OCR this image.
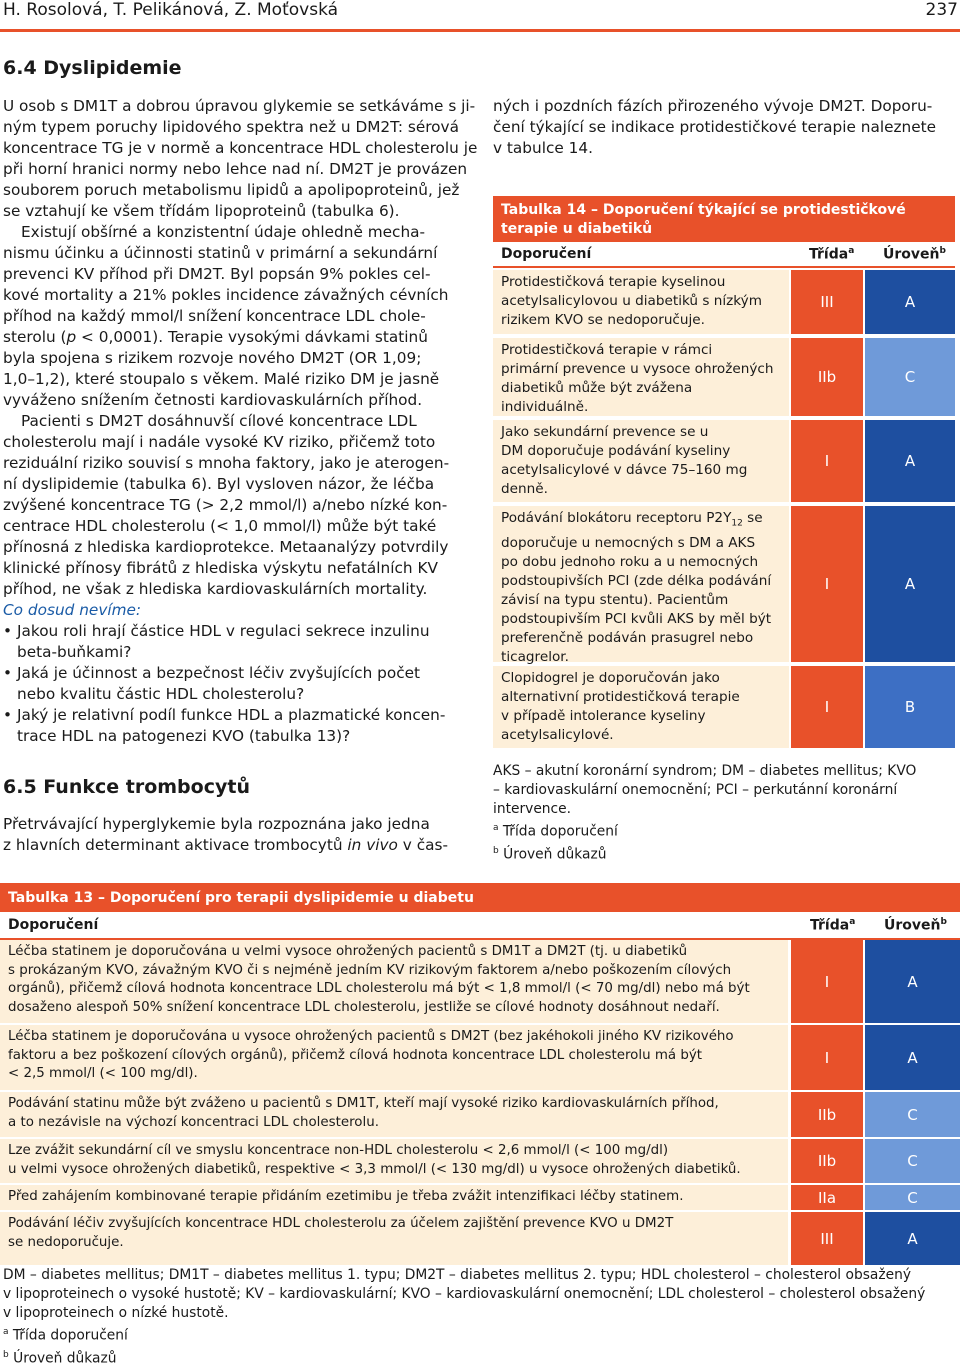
H. Rosolová, T. Pelikánová, Z. Moťovská	237
6.4 Dyslipidemie
U osob s DM1T a dobrou úpravou glykemie se setkáváme s ji-
ným typem poruchy lipidového spektra než u DM2T: sérová
koncentrace TG je v normě a koncentrace HDL cholesterolu je
při horní hranici normy nebo lehce nad ní. DM2T je provázen
souborem poruch metabolismu lipidů a apolipoproteinů, jež
se vztahují ke všem třídám lipoproteinů (tabulka 6).
Existují obšírné a konzistentní údaje ohledně mecha-
nismu účinku a účinnosti statinů v primární a sekundární
prevenci KV příhod při DM2T. Byl popsán 9% pokles cel-
kové mortality a 21% pokles incidence závažných cévních
příhod na každý mmol/l snížení koncentrace LDL chole-
sterolu (p < 0,0001). Terapie vysokými dávkami statinů
byla spojena s rizikem rozvoje nového DM2T (OR 1,09;
1,0–1,2), které stoupalo s věkem. Malé riziko DM je jasně
vyváženo snížením četnosti kardiovaskulárních příhod.
Pacienti s DM2T dosáhnuvší cílové koncentrace LDL
cholesterolu mají i nadále vysoké KV riziko, přičemž toto
reziduální riziko souvisí s mnoha faktory, jako je aterogen-
ní dyslipidemie (tabulka 6). Byl vysloven názor, že léčba
zvýšené koncentrace TG (> 2,2 mmol/l) a/nebo nízké kon-
centrace HDL cholesterolu (< 1,0 mmol/l) může být také
přínosná z hlediska kardioprotekce. Metaanalýzy potvrdily
klinické přínosy fibrátů z hlediska výskytu nefatálních KV
příhod, ne však z hlediska kardiovaskulárních mortality.
Co dosud nevíme:
• Jakou roli hrají částice HDL v regulaci sekrece inzulinu
beta-buňkami?
• Jaká je účinnost a bezpečnost léčiv zvyšujících počet
nebo kvalitu částic HDL cholesterolu?
• Jaký je relativní podíl funkce HDL a plazmatické koncen-
trace HDL na patogenezi KVO (tabulka 13)?
6.5 Funkce trombocytů
Přetrvávající hyperglykemie byla rozpoznána jako jedna
z hlavních determinant aktivace trombocytů in vivo v čas-
ných i pozdních fázích přirozeného vývoje DM2T. Doporu-
čení týkající se indikace protidestičkové terapie naleznete
v tabulce 14.
Tabulka 14 – Doporučení týkající se protidestičkové
terapie u diabetiků
Doporučení	Třída$^a$ Úroveň$^b$
Protidestičková terapie kyselinou
acetylsalicylovou u diabetiků s nízkým
rizikem KVO se nedoporučuje.
III	A
Protidestičková terapie v rámci
primární prevence u vysoce ohrožených
diabetiků může být zvážena
individuálně.
IIb	C
Jako sekundární prevence se u
DM doporučuje podávání kyseliny
acetylsalicylové v dávce 75–160 mg
denně.
I	A
Podávání blokátoru receptoru $P2Y_{12}$ se
doporučuje u nemocných s DM a AKS
po dobu jednoho roku a u nemocných
podstoupivších PCI (zde délka podávání
závisí na typu stentu). Pacientům
podstoupivším PCI kvůli AKS by měl být
preferenčně podáván prasugrel nebo
ticagrelor.
I	A
Clopidogrel je doporučován jako
alternativní protidestičková terapie
v případě intolerance kyseliny
acetylsalicylové.
I	B
AKS – akutní koronární syndrom; DM – diabetes mellitus; KVO
– kardiovaskulární onemocnění; PCI – perkutánní koronární
intervence.
$^a$ Třída doporučení
$^b$ Úroveň důkazů
Tabulka 13 – Doporučení pro terapii dyslipidemie u diabetu
Doporučení	Třída$^a$ Úroveň$^b$
Léčba statinem je doporučována u velmi vysoce ohrožených pacientů s DM1T a DM2T (tj. u diabetiků
s prokázaným KVO, závažným KVO či s nejméně jedním KV rizikovým faktorem a/nebo poškozením cílových
orgánů), přičemž cílová hodnota koncentrace LDL cholesterolu má být < 1,8 mmol/l (< 70 mg/dl) nebo má být
dosaženo alespoň 50% snížení koncentrace LDL cholesterolu, jestliže se cílové hodnoty dosáhnout nedaří.
I	A
Léčba statinem je doporučována u vysoce ohrožených pacientů s DM2T (bez jakéhokoli jiného KV rizikového
faktoru a bez poškození cílových orgánů), přičemž cílová hodnota koncentrace LDL cholesterolu má být
< 2,5 mmol/l (< 100 mg/dl).
I	A
Podávání statinu může být zváženo u pacientů s DM1T, kteří mají vysoké riziko kardiovaskulárních příhod,
a to nezávisle na výchozí koncentraci LDL cholesterolu.	IIb	C
Lze zvážit sekundární cíl ve smyslu koncentrace non-HDL cholesterolu < 2,6 mmol/l (< 100 mg/dl)
u velmi vysoce ohrožených diabetiků, respektive < 3,3 mmol/l (< 130 mg/dl) u vysoce ohrožených diabetiků.	IIb	C
Před zahájením kombinované terapie přidáním ezetimibu je třeba zvážit intenzifikaci léčby statinem.	IIa	C
Podávání léčiv zvyšujících koncentrace HDL cholesterolu za účelem zajištění prevence KVO u DM2T
se nedoporučuje.	III	A
DM – diabetes mellitus; DM1T – diabetes mellitus 1. typu; DM2T – diabetes mellitus 2. typu; HDL cholesterol – cholesterol obsažený
v lipoproteinech o vysoké hustotě; KV – kardiovaskulární; KVO – kardiovaskulární onemocnění; LDL cholesterol – cholesterol obsažený
v lipoproteinech o nízké hustotě.
$^a$ Třída doporučení
$^b$ Úroveň důkazů
